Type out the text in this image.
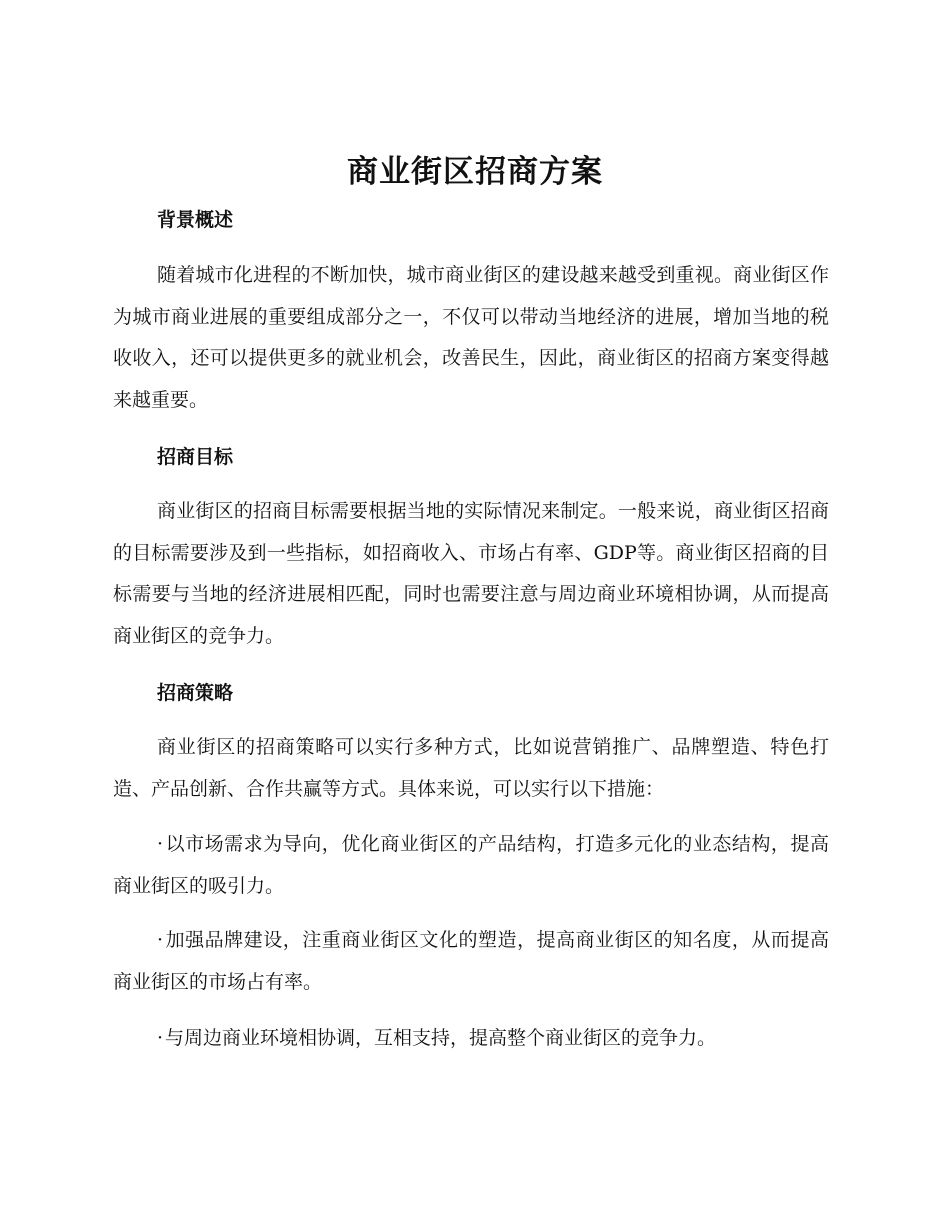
商业街区招商方案
背景概述

随着城市化进程的不断加快，城市商业街区的建设越来越受到重视。商业街区作为城市商业进展的重要组成部分之一，不仅可以带动当地经济的进展，增加当地的税收收入，还可以提供更多的就业机会，改善民生，因此，商业街区的招商方案变得越来越重要。

招商目标

商业街区的招商目标需要根据当地的实际情况来制定。一般来说，商业街区招商的目标需要涉及到一些指标，如招商收入、市场占有率、GDP等。商业街区招商的目标需要与当地的经济进展相匹配，同时也需要注意与周边商业环境相协调，从而提高商业街区的竞争力。

招商策略

商业街区的招商策略可以实行多种方式，比如说营销推广、品牌塑造、特色打造、产品创新、合作共赢等方式。具体来说，可以实行以下措施：

· 以市场需求为导向，优化商业街区的产品结构，打造多元化的业态结构，提高商业街区的吸引力。

· 加强品牌建设，注重商业街区文化的塑造，提高商业街区的知名度，从而提高商业街区的市场占有率。

· 与周边商业环境相协调，互相支持，提高整个商业街区的竞争力。
